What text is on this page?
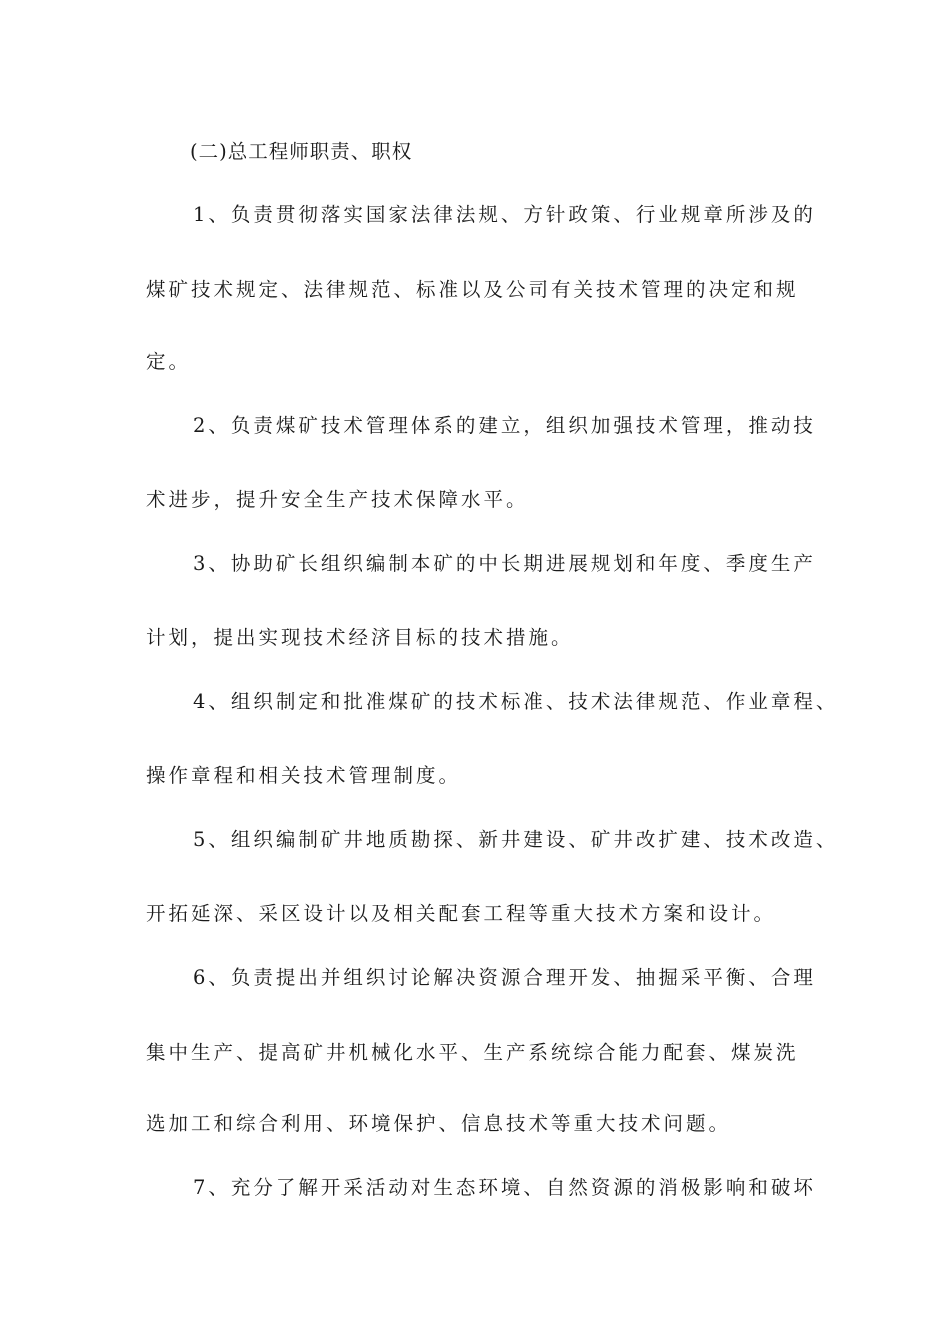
(二)总工程师职责、职权
1、负责贯彻落实国家法律法规、方针政策、行业规章所涉及的
煤矿技术规定、法律规范、标准以及公司有关技术管理的决定和规
定。
2、负责煤矿技术管理体系的建立，组织加强技术管理，推动技
术进步，提升安全生产技术保障水平。
3、协助矿长组织编制本矿的中长期进展规划和年度、季度生产
计划，提出实现技术经济目标的技术措施。
4、组织制定和批准煤矿的技术标准、技术法律规范、作业章程、
操作章程和相关技术管理制度。
5、组织编制矿井地质勘探、新井建设、矿井改扩建、技术改造、
开拓延深、采区设计以及相关配套工程等重大技术方案和设计。
6、负责提出并组织讨论解决资源合理开发、抽掘采平衡、合理
集中生产、提高矿井机械化水平、生产系统综合能力配套、煤炭洗
选加工和综合利用、环境保护、信息技术等重大技术问题。
7、充分了解开采活动对生态环境、自然资源的消极影响和破坏
